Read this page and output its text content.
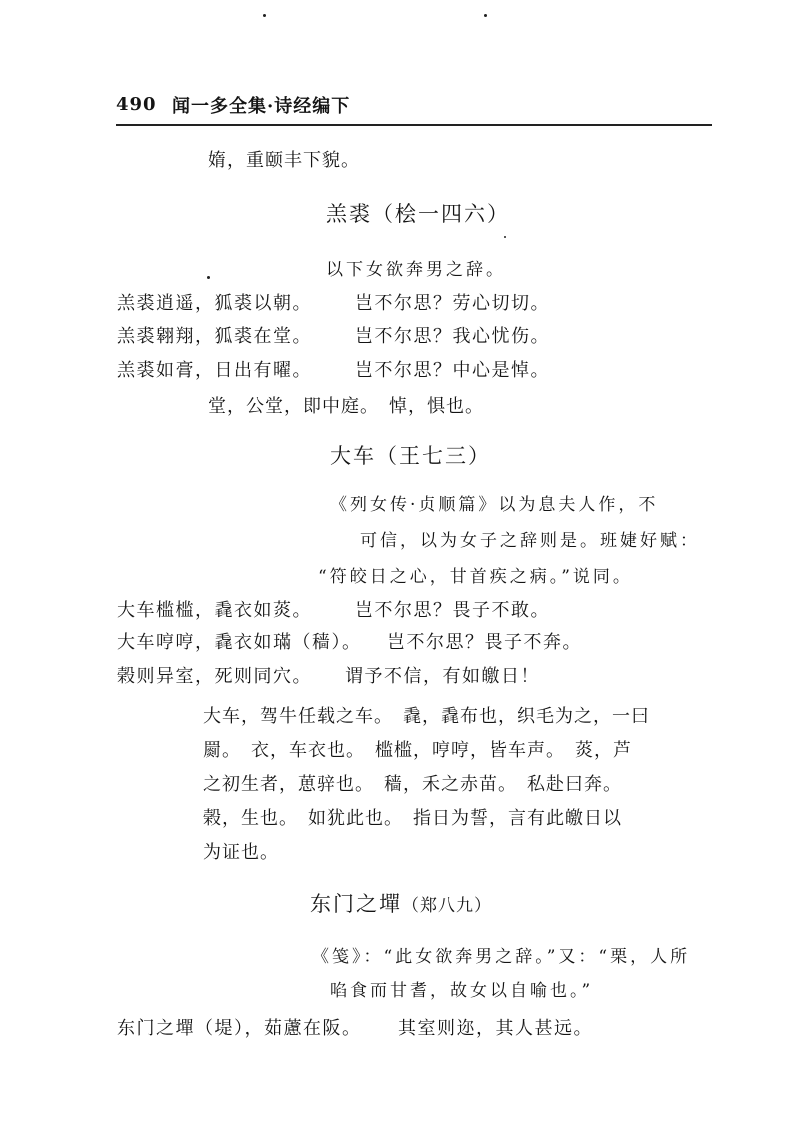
490 闻一多全集·诗经编下
媠，重颐丰下貌。
羔裘（桧一四六）
以下女欲奔男之辞。
羔裘逍遥，狐裘以朝。 岂不尔思？劳心切切。
羔裘翱翔，狐裘在堂。 岂不尔思？我心忧伤。
羔裘如膏，日出有曜。 岂不尔思？中心是悼。
堂，公堂，即中庭。　悼，惧也。
大车（王七三）
《列女传·贞顺篇》以为息夫人作，不
可信，以为女子之辞则是。班婕好赋：
“符皎日之心，甘首疾之病。”说同。
大车槛槛，毳衣如菼。 岂不尔思？畏子不敢。
大车哼哼，毳衣如璊（穑）。 岂不尔思？畏子不奔。
榖则异室，死则同穴。 谓予不信，有如皦日！
大车，驾牛任载之车。　毳，毳布也，织毛为之，一曰
罽。　衣，车衣也。　槛槛，哼哼，皆车声。　菼，芦
之初生者，葸骍也。　穑，禾之赤苗。　私赴曰奔。
榖，生也。　如犹此也。　指日为誓，言有此皦日以
为证也。
东门之墠（郑八九）
《笺》：“此女欲奔男之辞。”又：“栗，人所
啗食而甘耆，故女以自喻也。”
东门之墠（堤），茹藘在阪。 其室则迩，其人甚远。
